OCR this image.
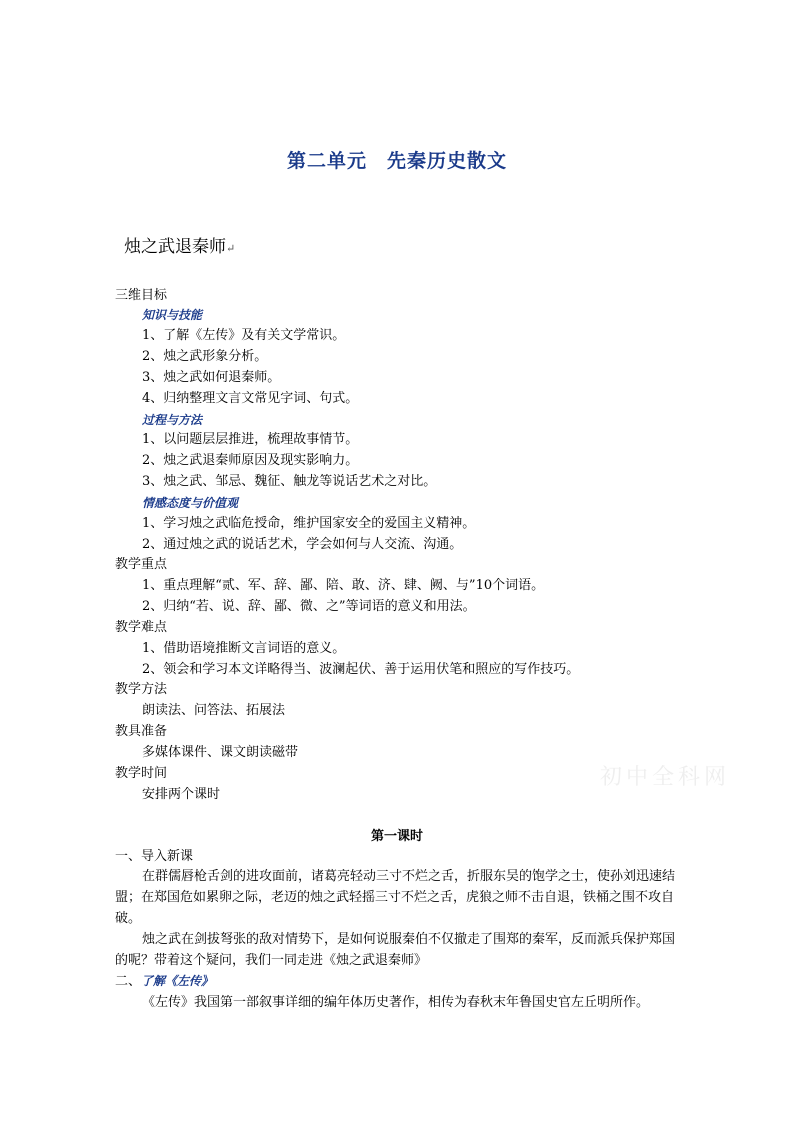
第二单元　先秦历史散文
烛之武退秦师↵
三维目标
知识与技能
1、了解《左传》及有关文学常识。
2、烛之武形象分析。
3、烛之武如何退秦师。
4、归纳整理文言文常见字词、句式。
过程与方法
1、以问题层层推进，梳理故事情节。
2、烛之武退秦师原因及现实影响力。
3、烛之武、邹忌、魏征、触龙等说话艺术之对比。
情感态度与价值观
1、学习烛之武临危授命，维护国家安全的爱国主义精神。
2、通过烛之武的说话艺术，学会如何与人交流、沟通。
教学重点
1、重点理解“贰、军、辞、鄙、陪、敢、济、肆、阙、与”10个词语。
2、归纳“若、说、辞、鄙、微、之”等词语的意义和用法。
教学难点
1、借助语境推断文言词语的意义。
2、领会和学习本文详略得当、波澜起伏、善于运用伏笔和照应的写作技巧。
教学方法
朗读法、问答法、拓展法
教具准备
多媒体课件、课文朗读磁带
教学时间
安排两个课时
初中全科网
第一课时
一、导入新课
在群儒唇枪舌剑的进攻面前，诸葛亮轻动三寸不烂之舌，折服东吴的饱学之士，使孙刘迅速结盟；在郑国危如累卵之际，老迈的烛之武轻摇三寸不烂之舌，虎狼之师不击自退，铁桶之围不攻自破。
烛之武在剑拔弩张的敌对情势下，是如何说服秦伯不仅撤走了围郑的秦军，反而派兵保护郑国的呢？带着这个疑问，我们一同走进《烛之武退秦师》
二、了解《左传》
《左传》我国第一部叙事详细的编年体历史著作，相传为春秋末年鲁国史官左丘明所作。
